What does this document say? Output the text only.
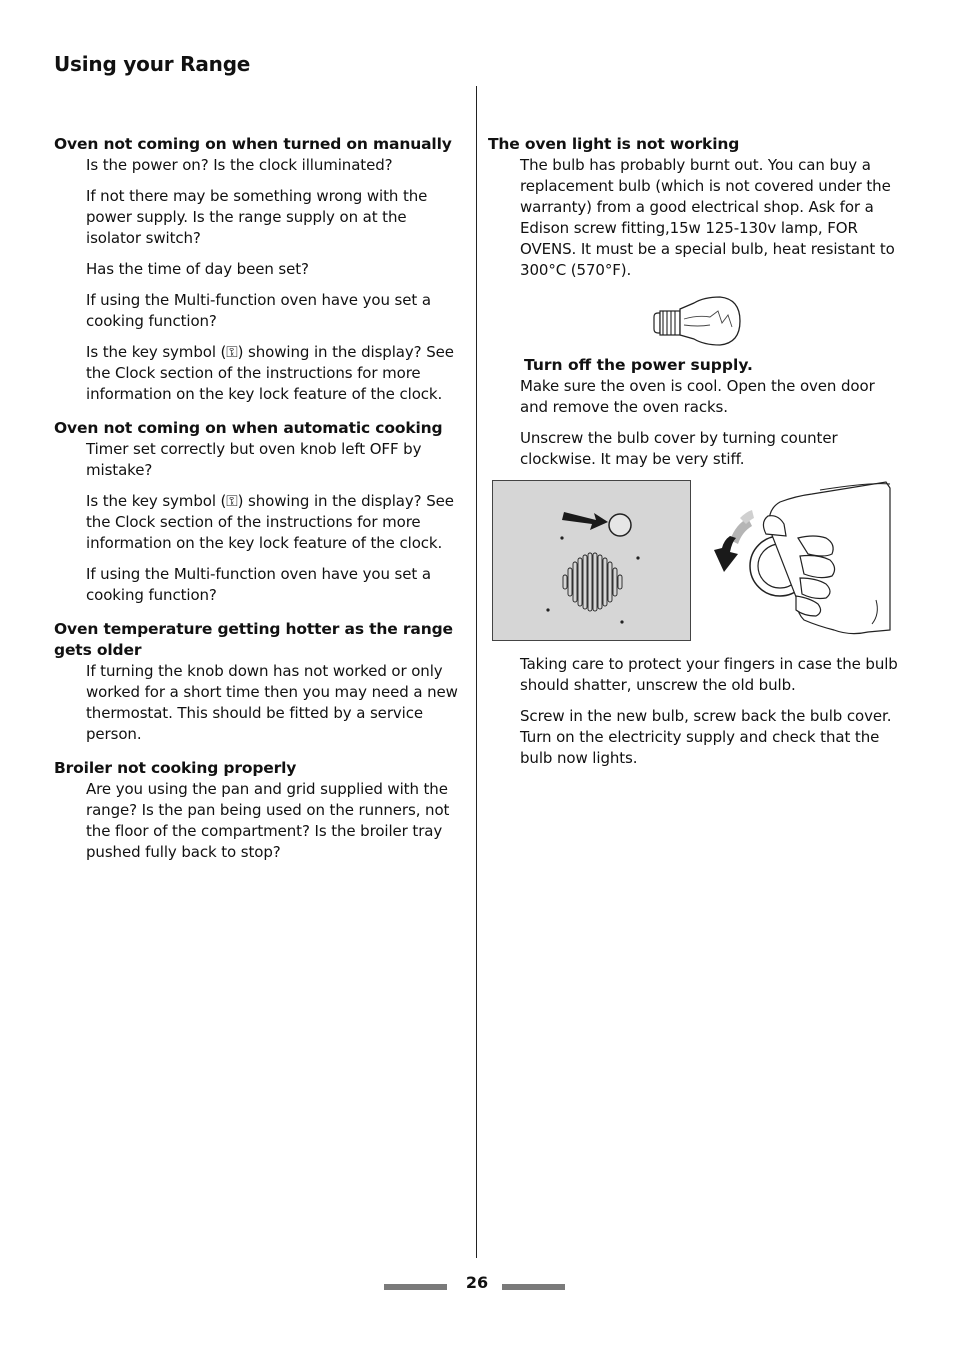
Using your Range
Oven not coming on when turned on manually

Is the power on? Is the clock illuminated?

If not there may be something wrong with the power supply. Is the range supply on at the isolator switch?

Has the time of day been set?

If using the Multi-function oven have you set a cooking function?

Is the key symbol (⚿) showing in the display? See the Clock section of the instructions for more information on the key lock feature of the clock.

Oven not coming on when automatic cooking

Timer set correctly but oven knob left OFF by mistake?

Is the key symbol (⚿) showing in the display? See the Clock section of the instructions for more information on the key lock feature of the clock.

If using the Multi-function oven have you set a cooking function?

Oven temperature getting hotter as the range gets older

If turning the knob down has not worked or only worked for a short time then you may need a new thermostat. This should be fitted by a service person.

Broiler not cooking properly

Are you using the pan and grid supplied with the range? Is the pan being used on the runners, not the floor of the compartment? Is the broiler tray pushed fully back to stop?

The oven light is not working

The bulb has probably burnt out. You can buy a replacement bulb (which is not covered under the warranty) from a good electrical shop. Ask for a Edison screw fitting,15w 125-130v lamp, FOR OVENS. It must be a special bulb, heat resistant to 300°C (570°F).

Turn off the power supply.

Make sure the oven is cool. Open the oven door and remove the oven racks.

Unscrew the bulb cover by turning counter clockwise. It may be very stiff.

Taking care to protect your fingers in case the bulb should shatter, unscrew the old bulb.

Screw in the new bulb, screw back the bulb cover. Turn on the electricity supply and check that the bulb now lights.

26
